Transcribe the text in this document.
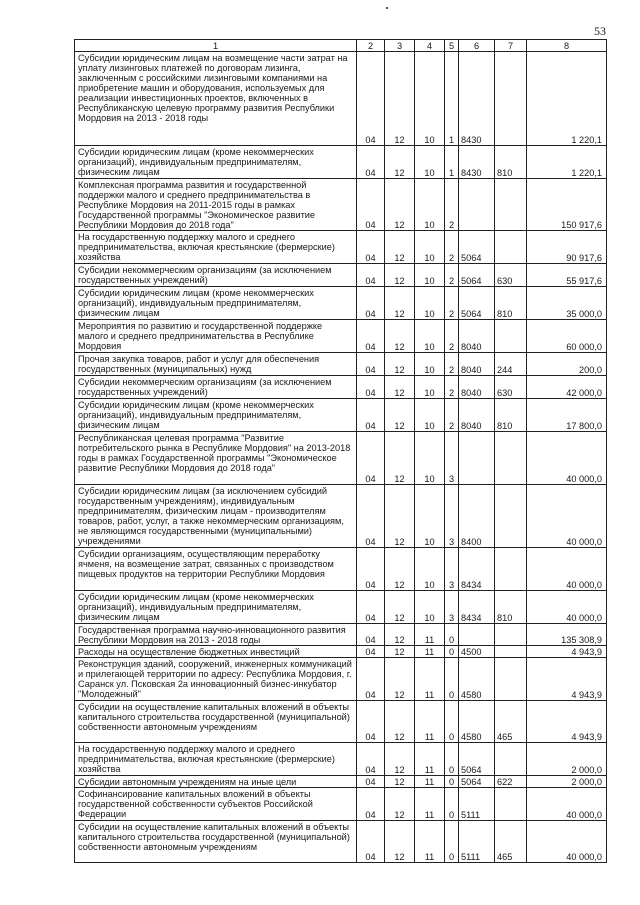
53
1	2	3	4	5	6	7	8
Субсидии юридическим лицам на возмещение части затрат на уплату лизинговых платежей по договорам лизинга, заключенным с российскими лизинговыми компаниями на приобретение машин и оборудования, используемых для реализации инвестиционных проектов, включенных в Республиканскую целевую программу развития Республики Мордовия на 2013 - 2018 годы	04	12	10	1	8430		1 220,1
Субсидии юридическим лицам (кроме некоммерческих организаций), индивидуальным предпринимателям, физическим лицам	04	12	10	1	8430	810	1 220,1
Комплексная программа развития и государственной поддержки малого и среднего предпринимательства в Республике Мордовия на 2011-2015 годы в рамках Государственной программы "Экономическое развитие Республики Мордовия до 2018 года"	04	12	10	2			150 917,6
На государственную поддержку малого и среднего предпринимательства, включая крестьянские (фермерские) хозяйства	04	12	10	2	5064		90 917,6
Субсидии некоммерческим организациям (за исключением государственных учреждений)	04	12	10	2	5064	630	55 917,6
Субсидии юридическим лицам (кроме некоммерческих организаций), индивидуальным предпринимателям, физическим лицам	04	12	10	2	5064	810	35 000,0
Мероприятия по развитию и государственной поддержке малого и среднего предпринимательства в Республике Мордовия	04	12	10	2	8040		60 000,0
Прочая закупка товаров, работ и услуг для обеспечения государственных (муниципальных) нужд	04	12	10	2	8040	244	200,0
Субсидии некоммерческим организациям (за исключением государственных учреждений)	04	12	10	2	8040	630	42 000,0
Субсидии юридическим лицам (кроме некоммерческих организаций), индивидуальным предпринимателям, физическим лицам	04	12	10	2	8040	810	17 800,0
Республиканская целевая программа "Развитие потребительского рынка в Республике Мордовия" на 2013-2018 годы в рамках Государственной программы "Экономическое развитие Республики Мордовия до 2018 года"	04	12	10	3			40 000,0
Субсидии юридическим лицам (за исключением субсидий государственным учреждениям), индивидуальным предпринимателям, физическим лицам - производителям товаров, работ, услуг, а также некоммерческим организациям, не являющимся государственными (муниципальными) учреждениями	04	12	10	3	8400		40 000,0
Субсидии организациям, осуществляющим переработку ячменя, на возмещение затрат, связанных с производством пищевых продуктов на территории Республики Мордовия	04	12	10	3	8434		40 000,0
Субсидии юридическим лицам (кроме некоммерческих организаций), индивидуальным предпринимателям, физическим лицам	04	12	10	3	8434	810	40 000,0
Государственная программа научно-инновационного развития Республики Мордовия на 2013 - 2018 годы	04	12	11	0			135 308,9
Расходы на осуществление бюджетных инвестиций	04	12	11	0	4500		4 943,9
Реконструкция зданий, сооружений, инженерных коммуникаций и прилегающей территории по адресу: Республика Мордовия, г. Саранск ул. Псковская 2а инновационный бизнес-инкубатор "Молодежный"	04	12	11	0	4580		4 943,9
Субсидии на осуществление капитальных вложений в объекты капитального строительства государственной (муниципальной) собственности автономным учреждениям	04	12	11	0	4580	465	4 943,9
На государственную поддержку малого и среднего предпринимательства, включая крестьянские (фермерские) хозяйства	04	12	11	0	5064		2 000,0
Субсидии автономным учреждениям на иные цели	04	12	11	0	5064	622	2 000,0
Софинансирование капитальных вложений в объекты государственной собственности субъектов Российской Федерации	04	12	11	0	5111		40 000,0
Субсидии на осуществление капитальных вложений в объекты капитального строительства государственной (муниципальной) собственности автономным учреждениям	04	12	11	0	5111	465	40 000,0
